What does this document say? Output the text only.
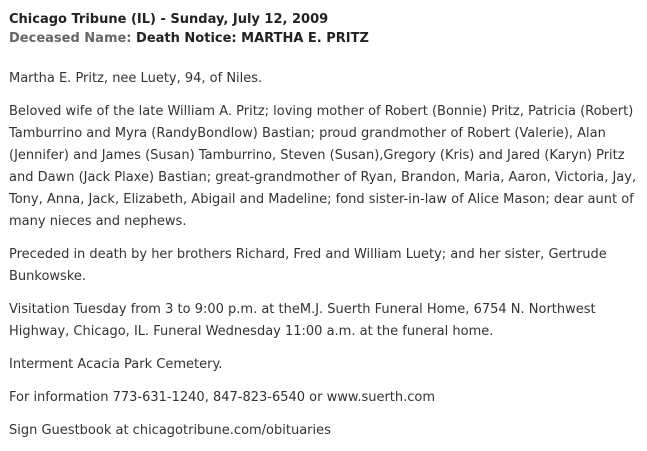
Chicago Tribune (IL) - Sunday, July 12, 2009
Deceased Name: Death Notice: MARTHA E. PRITZ

Martha E. Pritz, nee Luety, 94, of Niles.

Beloved wife of the late William A. Pritz; loving mother of Robert (Bonnie) Pritz, Patricia (Robert) Tamburrino and Myra (RandyBondlow) Bastian; proud grandmother of Robert (Valerie), Alan (Jennifer) and James (Susan) Tamburrino, Steven (Susan),Gregory (Kris) and Jared (Karyn) Pritz and Dawn (Jack Plaxe) Bastian; great-grandmother of Ryan, Brandon, Maria, Aaron, Victoria, Jay, Tony, Anna, Jack, Elizabeth, Abigail and Madeline; fond sister-in-law of Alice Mason; dear aunt of many nieces and nephews.

Preceded in death by her brothers Richard, Fred and William Luety; and her sister, Gertrude Bunkowske.

Visitation Tuesday from 3 to 9:00 p.m. at theM.J. Suerth Funeral Home, 6754 N. Northwest Highway, Chicago, IL. Funeral Wednesday 11:00 a.m. at the funeral home.

Interment Acacia Park Cemetery.

For information 773-631-1240, 847-823-6540 or www.suerth.com

Sign Guestbook at chicagotribune.com/obituaries
